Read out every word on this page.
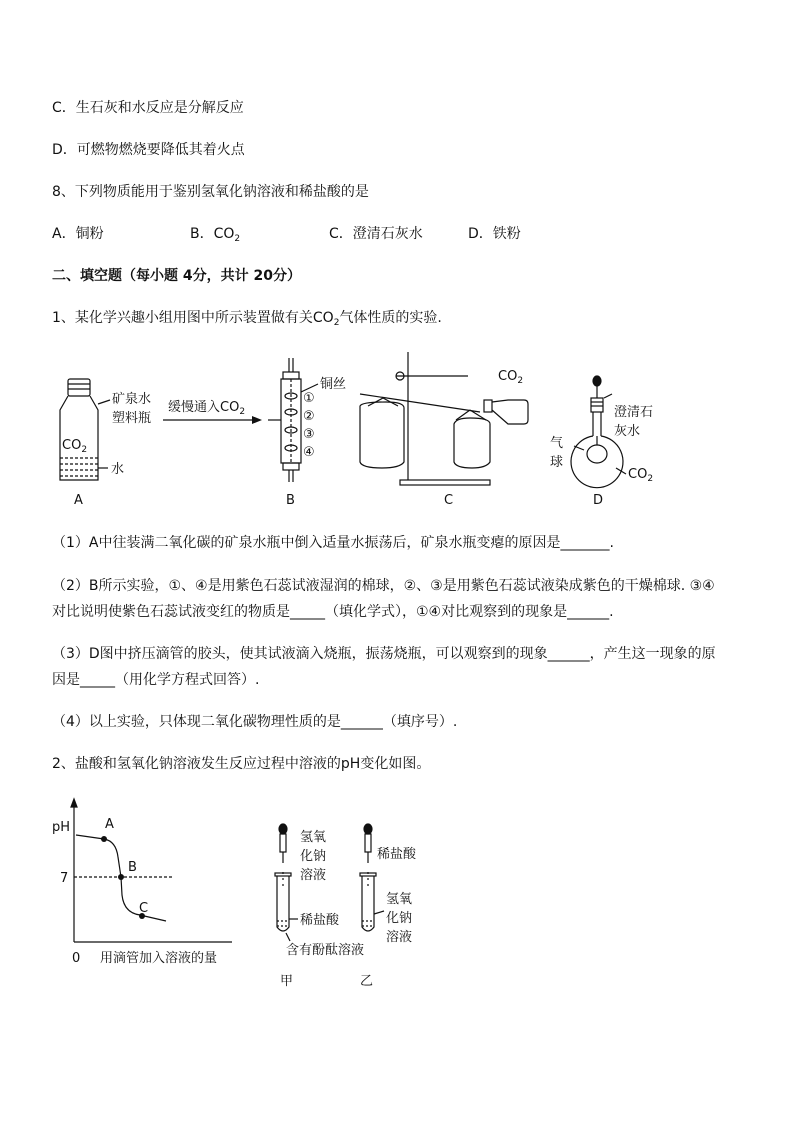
C．生石灰和水反应是分解反应
D．可燃物燃烧要降低其着火点
8、下列物质能用于鉴别氢氧化钠溶液和稀盐酸的是
A．铜粉	B．$CO_2$	C．澄清石灰水	D．铁粉
二、填空题（每小题 4分，共计 20分）
1、某化学兴趣小组用图中所示装置做有关$CO_2$气体性质的实验.
矿泉水
塑料瓶
$CO_2$
水
A
缓慢通入$CO_2$
铜丝
①
②
③
④
B
$CO_2$
C
澄清石
灰水
气
球
$CO_2$
D
（1）A中往装满二氧化碳的矿泉水瓶中倒入适量水振荡后，矿泉水瓶变瘪的原因是_______.
（2）B所示实验，①、④是用紫色石蕊试液湿润的棉球，②、③是用紫色石蕊试液染成紫色的干燥棉球. ③④
对比说明使紫色石蕊试液变红的物质是_____（填化学式），①④对比观察到的现象是______.
（3）D图中挤压滴管的胶头，使其试液滴入烧瓶，振荡烧瓶，可以观察到的现象______，产生这一现象的原
因是_____（用化学方程式回答）.
（4）以上实验，只体现二氧化碳物理性质的是______（填序号）.
2、盐酸和氢氧化钠溶液发生反应过程中溶液的pH变化如图。
pH
7
0 用滴管加入溶液的量
A
B
C
氢氧
化钠
溶液
稀盐酸
含有酚酞溶液
甲
稀盐酸
氢氧
化钠
溶液
乙
